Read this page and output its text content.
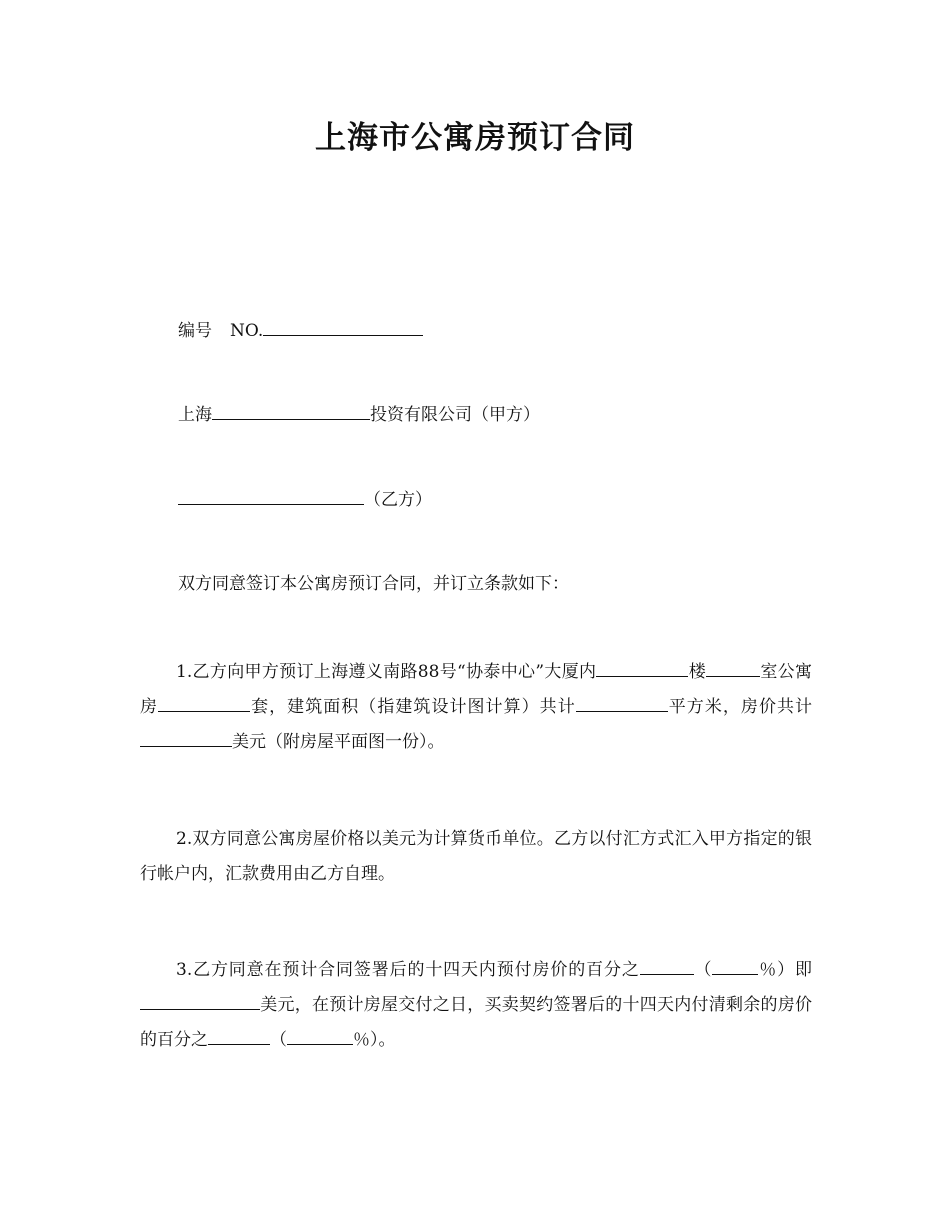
上海市公寓房预订合同
编号 NO.
上海	投资有限公司（甲方）
（乙方）
双方同意签订本公寓房预订合同，并订立条款如下：
1.乙方向甲方预订上海遵义南路88号“协泰中心”大厦内	楼	室公寓房	套，建筑面积（指建筑设计图计算）共计	平方米，房价共计美元（附房屋平面图一份）。
2.双方同意公寓房屋价格以美元为计算货币单位。乙方以付汇方式汇入甲方指定的银行帐户内，汇款费用由乙方自理。
3.乙方同意在预计合同签署后的十四天内预付房价的百分之	（	％）即美元，在预计房屋交付之日，买卖契约签署后的十四天内付清剩余的房价的百分之	（	％）。
